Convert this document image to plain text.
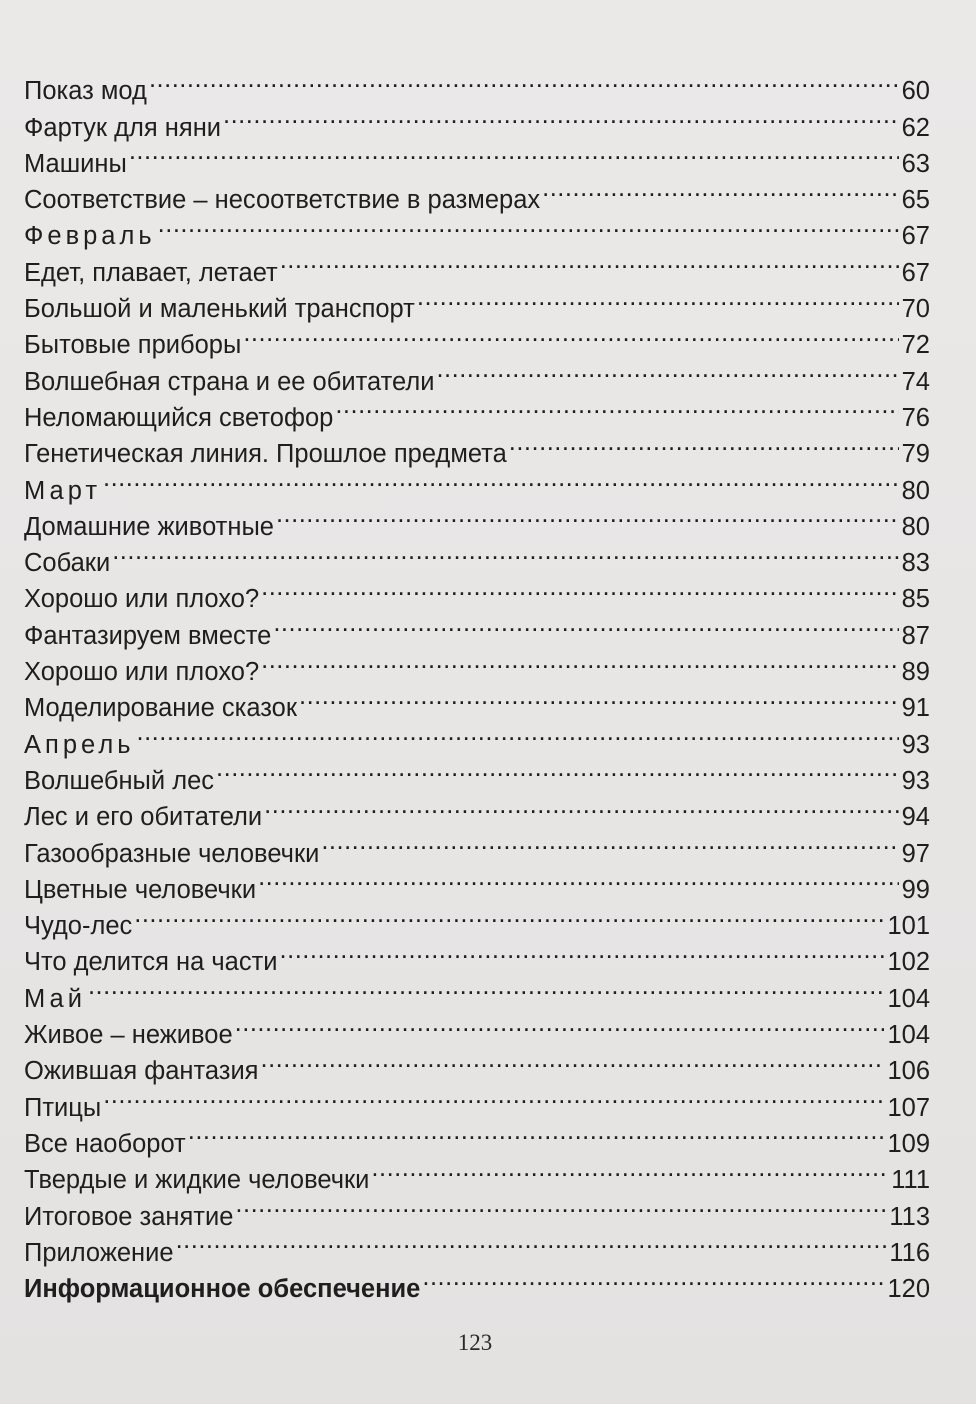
Показ мод .....	60
Фартук для няни .....	62
Машины .....	63
Соответствие – несоответствие в размерах .....	65
Февраль .....	67
Едет, плавает, летает .....	67
Большой и маленький транспорт .....	70
Бытовые приборы .....	72
Волшебная страна и ее обитатели .....	74
Неломающийся светофор .....	76
Генетическая линия. Прошлое предмета .....	79
Март .....	80
Домашние животные .....	80
Собаки .....	83
Хорошо или плохо? .....	85
Фантазируем вместе .....	87
Хорошо или плохо? .....	89
Моделирование сказок .....	91
Апрель .....	93
Волшебный лес .....	93
Лес и его обитатели .....	94
Газообразные человечки .....	97
Цветные человечки .....	99
Чудо-лес .....	101
Что делится на части .....	102
Май .....	104
Живое – неживое .....	104
Ожившая фантазия .....	106
Птицы .....	107
Все наоборот .....	109
Твердые и жидкие человечки .....	111
Итоговое занятие .....	113
Приложение .....	116
Информационное обеспечение .....	120
123
